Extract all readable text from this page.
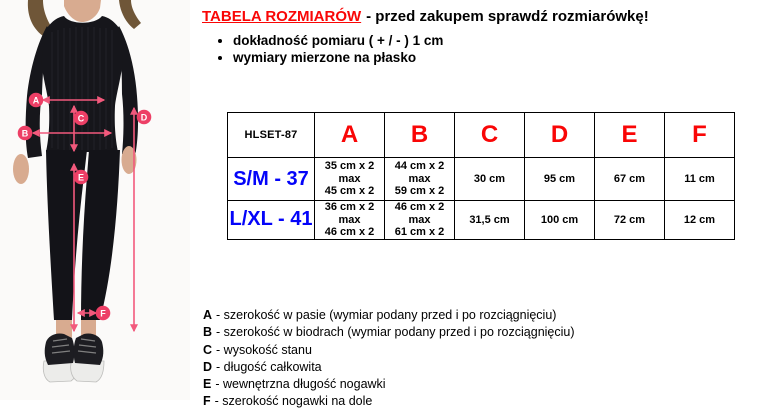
A
B
C	D
E
F
TABELA ROZMIARÓW - przed zakupem sprawdź rozmiarówkę!
• dokładność pomiaru ( + / - ) 1 cm
• wymiary mierzone na płasko
HLSET-87	A	B	C	D	E	F
S/M - 37	35 cm x 2
max
45 cm x 2	44 cm x 2
max
59 cm x 2	30 cm	95 cm	67 cm	11 cm
L/XL - 41	36 cm x 2
max
46 cm x 2	46 cm x 2
max
61 cm x 2	31,5 cm	100 cm	72 cm	12 cm
A - szerokość w pasie (wymiar podany przed i po rozciągnięciu)
B - szerokość w biodrach (wymiar podany przed i po rozciągnięciu)
C - wysokość stanu
D - długość całkowita
E - wewnętrzna długość nogawki
F - szerokość nogawki na dole
